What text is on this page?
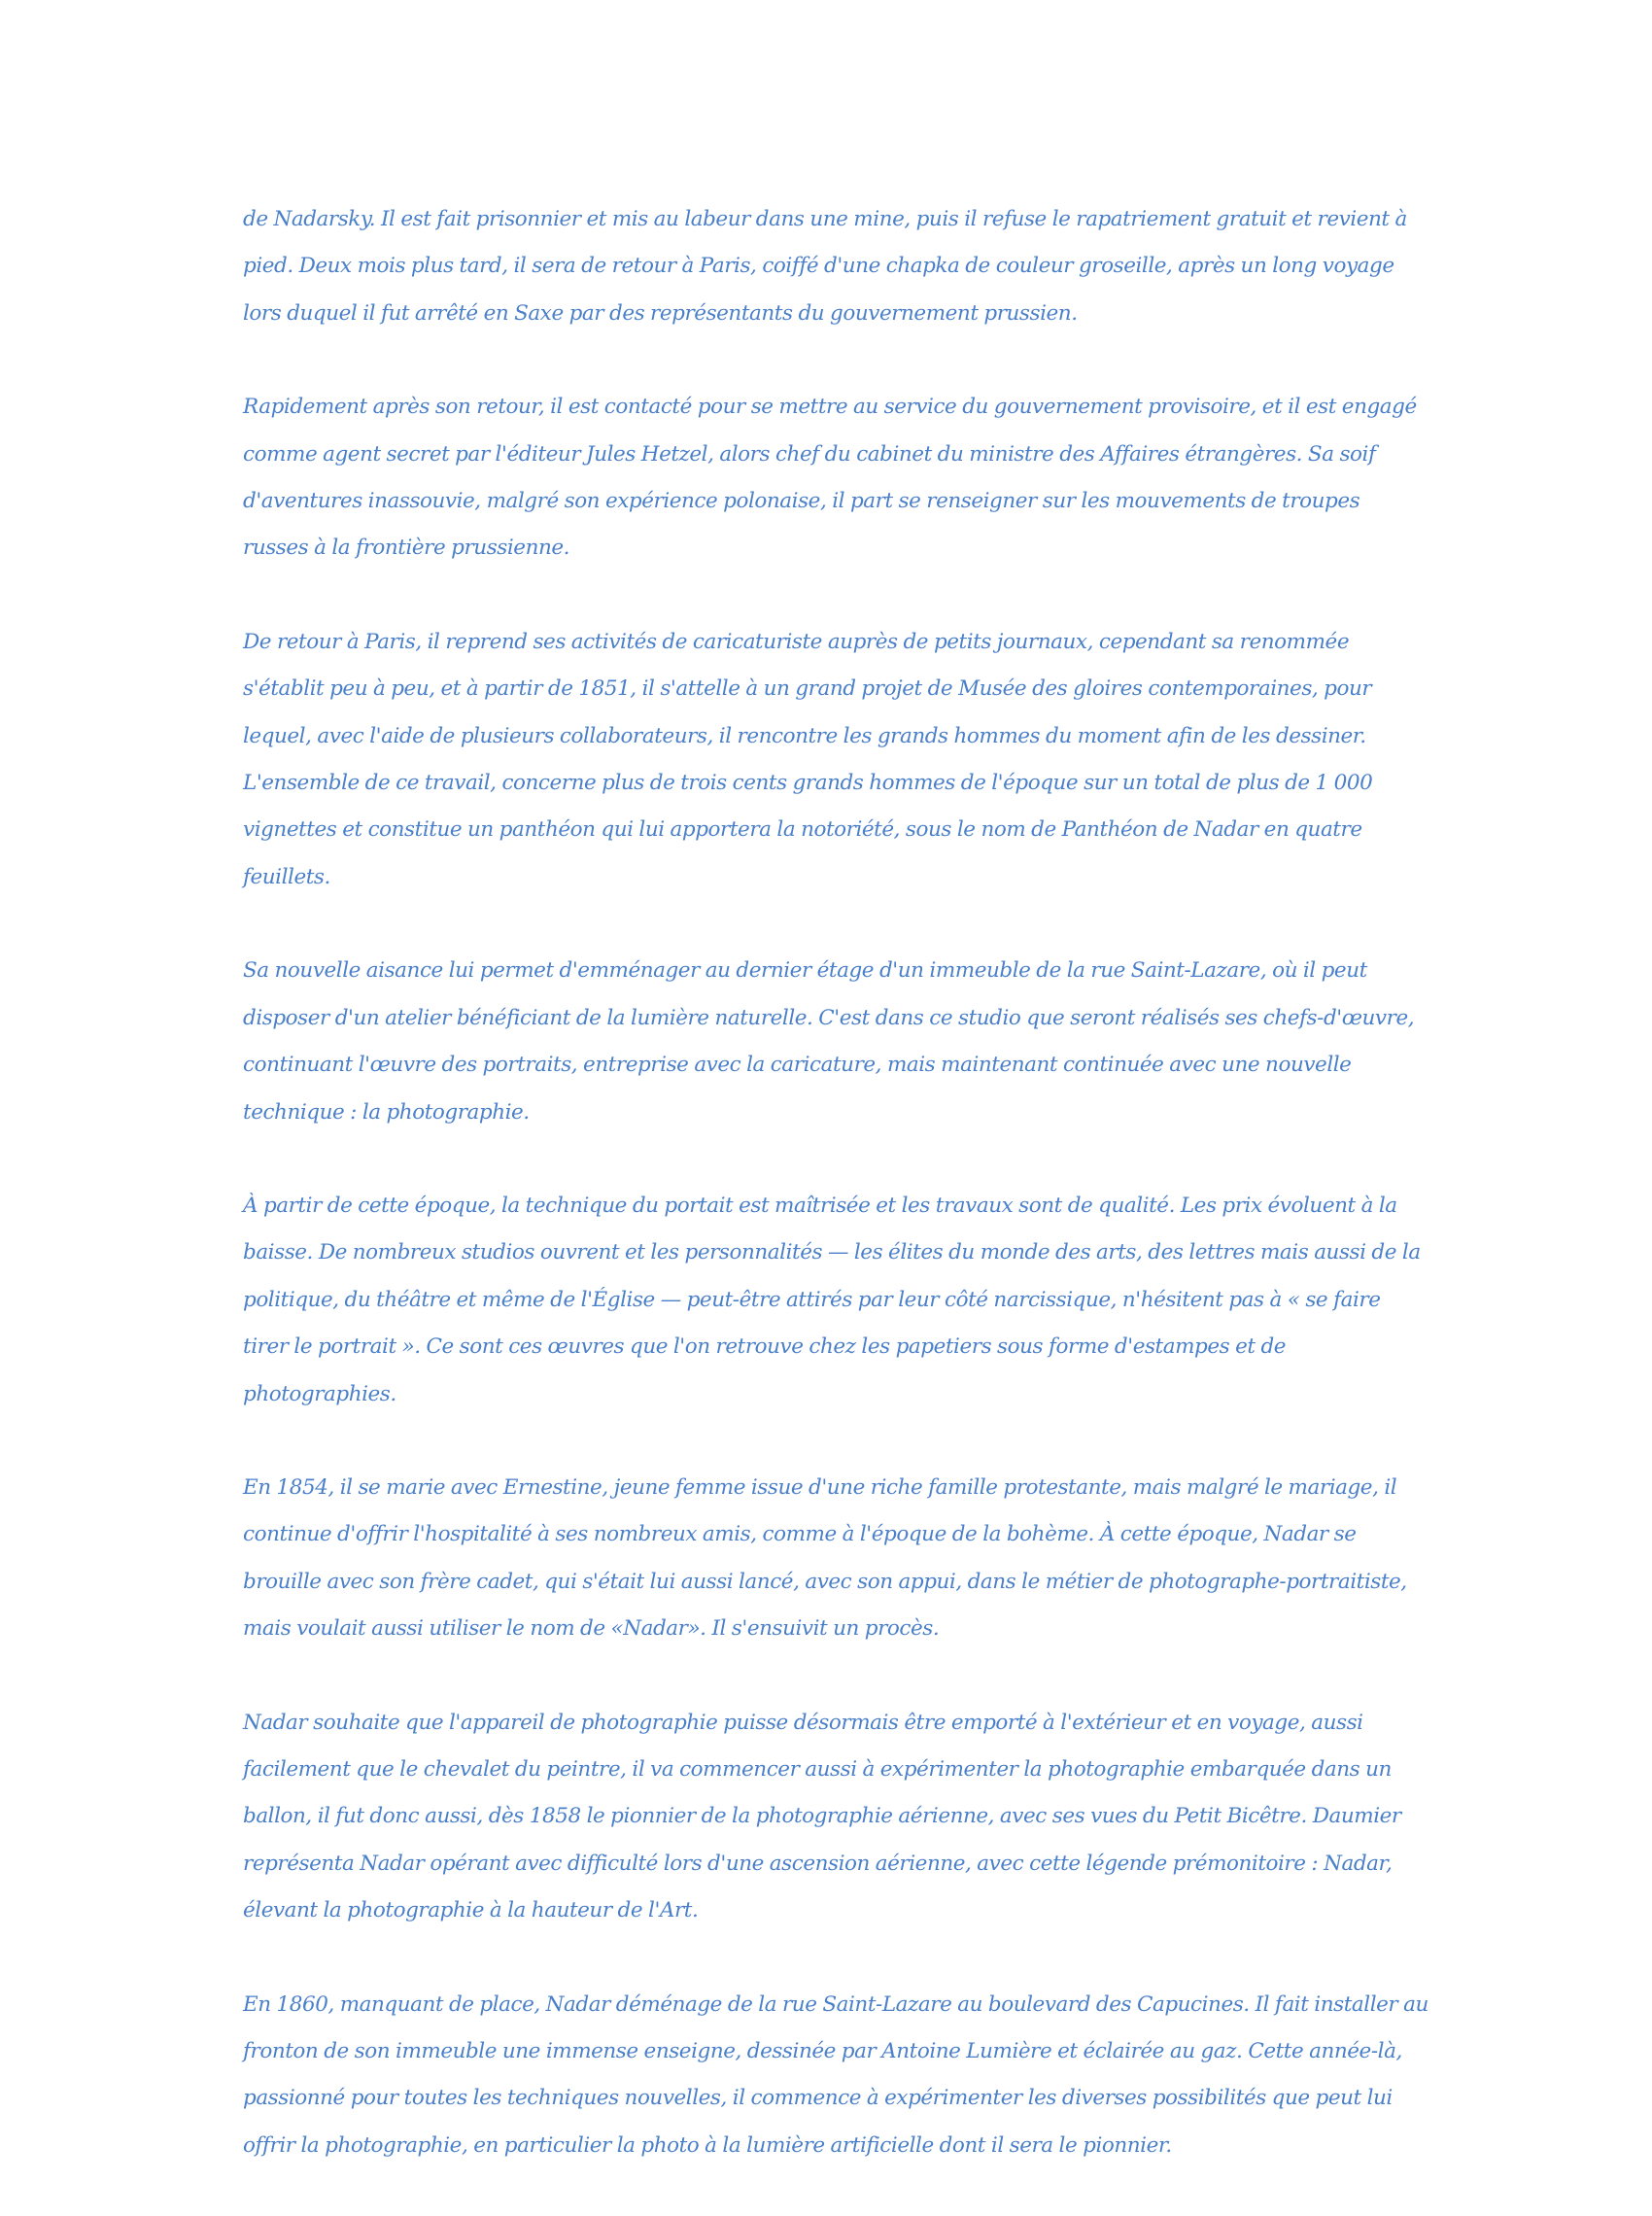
de Nadarsky. Il est fait prisonnier et mis au labeur dans une mine, puis il refuse le rapatriement gratuit et revient à pied. Deux mois plus tard, il sera de retour à Paris, coiffé d'une chapka de couleur groseille, après un long voyage lors duquel il fut arrêté en Saxe par des représentants du gouvernement prussien.

Rapidement après son retour, il est contacté pour se mettre au service du gouvernement provisoire, et il est engagé comme agent secret par l'éditeur Jules Hetzel, alors chef du cabinet du ministre des Affaires étrangères. Sa soif d'aventures inassouvie, malgré son expérience polonaise, il part se renseigner sur les mouvements de troupes russes à la frontière prussienne.

De retour à Paris, il reprend ses activités de caricaturiste auprès de petits journaux, cependant sa renommée s'établit peu à peu, et à partir de 1851, il s'attelle à un grand projet de Musée des gloires contemporaines, pour lequel, avec l'aide de plusieurs collaborateurs, il rencontre les grands hommes du moment afin de les dessiner. L'ensemble de ce travail, concerne plus de trois cents grands hommes de l'époque sur un total de plus de 1 000 vignettes et constitue un panthéon qui lui apportera la notoriété, sous le nom de Panthéon de Nadar en quatre feuillets.

Sa nouvelle aisance lui permet d'emménager au dernier étage d'un immeuble de la rue Saint-Lazare, où il peut disposer d'un atelier bénéficiant de la lumière naturelle. C'est dans ce studio que seront réalisés ses chefs-d'œuvre, continuant l'œuvre des portraits, entreprise avec la caricature, mais maintenant continuée avec une nouvelle technique : la photographie.

À partir de cette époque, la technique du portait est maîtrisée et les travaux sont de qualité. Les prix évoluent à la baisse. De nombreux studios ouvrent et les personnalités — les élites du monde des arts, des lettres mais aussi de la politique, du théâtre et même de l'Église — peut-être attirés par leur côté narcissique, n'hésitent pas à « se faire tirer le portrait ». Ce sont ces œuvres que l'on retrouve chez les papetiers sous forme d'estampes et de photographies.

En 1854, il se marie avec Ernestine, jeune femme issue d'une riche famille protestante, mais malgré le mariage, il continue d'offrir l'hospitalité à ses nombreux amis, comme à l'époque de la bohème. À cette époque, Nadar se brouille avec son frère cadet, qui s'était lui aussi lancé, avec son appui, dans le métier de photographe-portraitiste, mais voulait aussi utiliser le nom de «Nadar». Il s'ensuivit un procès.

Nadar souhaite que l'appareil de photographie puisse désormais être emporté à l'extérieur et en voyage, aussi facilement que le chevalet du peintre, il va commencer aussi à expérimenter la photographie embarquée dans un ballon, il fut donc aussi, dès 1858 le pionnier de la photographie aérienne, avec ses vues du Petit Bicêtre. Daumier représenta Nadar opérant avec difficulté lors d'une ascension aérienne, avec cette légende prémonitoire : Nadar, élevant la photographie à la hauteur de l'Art.

En 1860, manquant de place, Nadar déménage de la rue Saint-Lazare au boulevard des Capucines. Il fait installer au fronton de son immeuble une immense enseigne, dessinée par Antoine Lumière et éclairée au gaz. Cette année-là, passionné pour toutes les techniques nouvelles, il commence à expérimenter les diverses possibilités que peut lui offrir la photographie, en particulier la photo à la lumière artificielle dont il sera le pionnier.
